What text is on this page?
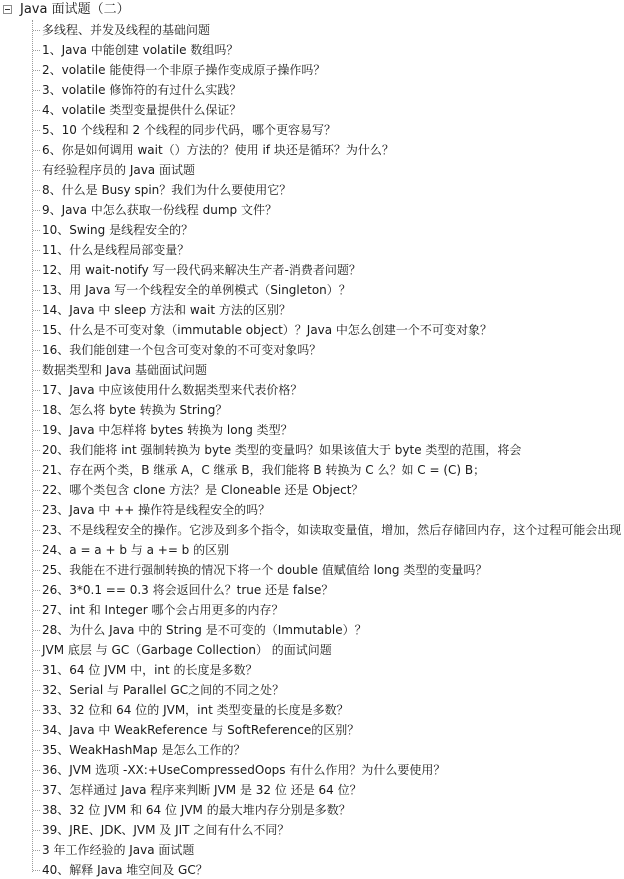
Java 面试题（二）
多线程、并发及线程的基础问题
1、Java 中能创建 volatile 数组吗？
2、volatile 能使得一个非原子操作变成原子操作吗？
3、volatile 修饰符的有过什么实践？
4、volatile 类型变量提供什么保证？
5、10 个线程和 2 个线程的同步代码，哪个更容易写？
6、你是如何调用 wait（）方法的？使用 if 块还是循环？为什么？
有经验程序员的 Java 面试题
8、什么是 Busy spin？我们为什么要使用它？
9、Java 中怎么获取一份线程 dump 文件？
10、Swing 是线程安全的？
11、什么是线程局部变量？
12、用 wait-notify 写一段代码来解决生产者-消费者问题？
13、用 Java 写一个线程安全的单例模式（Singleton）？
14、Java 中 sleep 方法和 wait 方法的区别？
15、什么是不可变对象（immutable object）？Java 中怎么创建一个不可变对象？
16、我们能创建一个包含可变对象的不可变对象吗？
数据类型和 Java 基础面试问题
17、Java 中应该使用什么数据类型来代表价格？
18、怎么将 byte 转换为 String？
19、Java 中怎样将 bytes 转换为 long 类型？
20、我们能将 int 强制转换为 byte 类型的变量吗？如果该值大于 byte 类型的范围，将会
21、存在两个类，B 继承 A，C 继承 B，我们能将 B 转换为 C 么？如 C = (C) B；
22、哪个类包含 clone 方法？是 Cloneable 还是 Object？
23、Java 中 ++ 操作符是线程安全的吗？
23、不是线程安全的操作。它涉及到多个指令，如读取变量值，增加，然后存储回内存，这个过程可能会出现
24、a = a + b 与 a += b 的区别
25、我能在不进行强制转换的情况下将一个 double 值赋值给 long 类型的变量吗？
26、3*0.1 == 0.3 将会返回什么？true 还是 false？
27、int 和 Integer 哪个会占用更多的内存？
28、为什么 Java 中的 String 是不可变的（Immutable）？
JVM 底层 与 GC（Garbage Collection） 的面试问题
31、64 位 JVM 中，int 的长度是多数？
32、Serial 与 Parallel GC之间的不同之处？
33、32 位和 64 位的 JVM，int 类型变量的长度是多数？
34、Java 中 WeakReference 与 SoftReference的区别？
35、WeakHashMap 是怎么工作的？
36、JVM 选项 -XX:+UseCompressedOops 有什么作用？为什么要使用？
37、怎样通过 Java 程序来判断 JVM 是 32 位 还是 64 位？
38、32 位 JVM 和 64 位 JVM 的最大堆内存分别是多数？
39、JRE、JDK、JVM 及 JIT 之间有什么不同？
3 年工作经验的 Java 面试题
40、解释 Java 堆空间及 GC？
